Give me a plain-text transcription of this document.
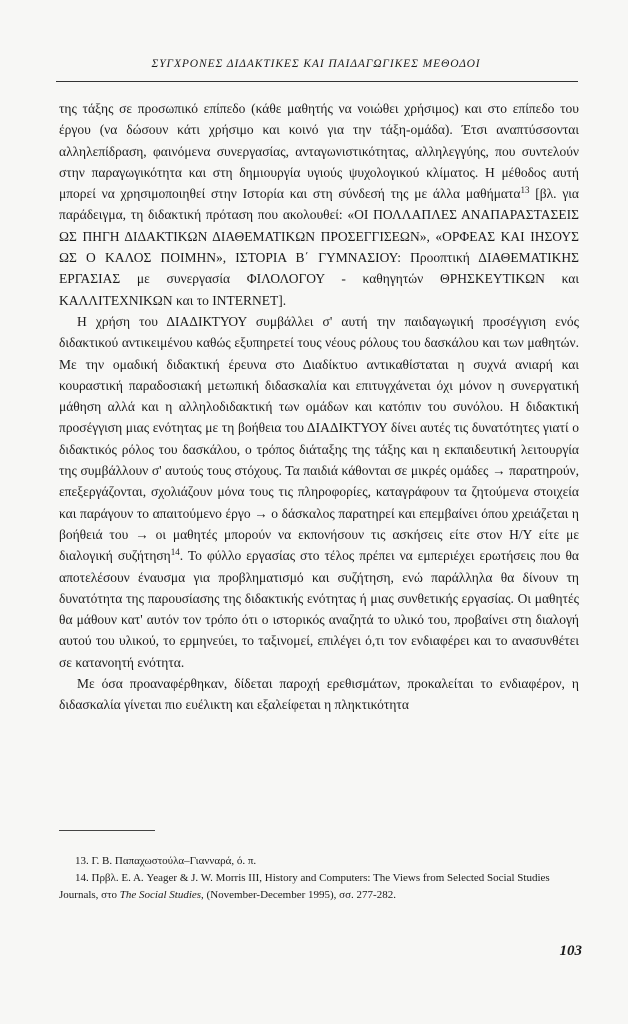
ΣΥΓΧΡΟΝΕΣ ΔΙΔΑΚΤΙΚΕΣ ΚΑΙ ΠΑΙΔΑΓΩΓΙΚΕΣ ΜΕΘΟΔΟΙ

της τάξης σε προσωπικό επίπεδο (κάθε μαθητής να νοιώθει χρήσιμος) και στο επίπεδο του έργου (να δώσουν κάτι χρήσιμο και κοινό για την τάξη-ομάδα). Έτσι αναπτύσσονται αλληλεπίδραση, φαινόμενα συνεργασίας, ανταγωνιστικότητας, αλληλεγγύης, που συντελούν στην παραγωγικότητα και στη δημιουργία υγιούς ψυχολογικού κλίματος. Η μέθοδος αυτή μπορεί να χρησιμοποιηθεί στην Ιστορία και στη σύνδεσή της με άλλα μαθήματα$^{13}$ [βλ. για παράδειγμα, τη διδακτική πρόταση που ακολουθεί: «ΟΙ ΠΟΛΛΑΠΛΕΣ ΑΝΑΠΑΡΑΣΤΑΣΕΙΣ ΩΣ ΠΗΓΗ ΔΙΔΑΚΤΙΚΩΝ ΔΙΑΘΕΜΑΤΙΚΩΝ ΠΡΟΣΕΓΓΙΣΕΩΝ», «ΟΡΦΕΑΣ ΚΑΙ ΙΗΣΟΥΣ ΩΣ Ο ΚΑΛΟΣ ΠΟΙΜΗΝ», ΙΣΤΟΡΙΑ Β΄ ΓΥΜΝΑΣΙΟΥ: Προοπτική ΔΙΑΘΕΜΑΤΙΚΗΣ ΕΡΓΑΣΙΑΣ με συνεργασία ΦΙΛΟΛΟΓΟΥ - καθηγητών ΘΡΗΣΚΕΥΤΙΚΩΝ και ΚΑΛΛΙΤΕΧΝΙΚΩΝ και το INTERNET].

Η χρήση του ΔΙΑΔΙΚΤΥΟΥ συμβάλλει σ' αυτή την παιδαγωγική προσέγγιση ενός διδακτικού αντικειμένου καθώς εξυπηρετεί τους νέους ρόλους του δασκάλου και των μαθητών. Με την ομαδική διδακτική έρευνα στο Διαδίκτυο αντικαθίσταται η συχνά ανιαρή και κουραστική παραδοσιακή μετωπική διδασκαλία και επιτυγχάνεται όχι μόνον η συνεργατική μάθηση αλλά και η αλληλοδιδακτική των ομάδων και κατόπιν του συνόλου. Η διδακτική προσέγγιση μιας ενότητας με τη βοήθεια του ΔΙΑΔΙΚΤΥΟΥ δίνει αυτές τις δυνατότητες γιατί ο διδακτικός ρόλος του δασκάλου, ο τρόπος διάταξης της τάξης και η εκπαιδευτική λειτουργία της συμβάλλουν σ' αυτούς τους στόχους. Τα παιδιά κάθονται σε μικρές ομάδες → παρατηρούν, επεξεργάζονται, σχολιάζουν μόνα τους τις πληροφορίες, καταγράφουν τα ζητούμενα στοιχεία και παράγουν το απαιτούμενο έργο → ο δάσκαλος παρατηρεί και επεμβαίνει όπου χρειάζεται η βοήθειά του → οι μαθητές μπορούν να εκπονήσουν τις ασκήσεις είτε στον Η/Υ είτε με διαλογική συζήτηση$^{14}$. Το φύλλο εργασίας στο τέλος πρέπει να εμπεριέχει ερωτήσεις που θα αποτελέσουν έναυσμα για προβληματισμό και συζήτηση, ενώ παράλληλα θα δίνουν τη δυνατότητα της παρουσίασης της διδακτικής ενότητας ή μιας συνθετικής εργασίας. Οι μαθητές θα μάθουν κατ' αυτόν τον τρόπο ότι ο ιστορικός αναζητά το υλικό του, προβαίνει στη διαλογή αυτού του υλικού, το ερμηνεύει, το ταξινομεί, επιλέγει ό,τι τον ενδιαφέρει και το ανασυνθέτει σε κατανοητή ενότητα.

Με όσα προαναφέρθηκαν, δίδεται παροχή ερεθισμάτων, προκαλείται το ενδιαφέρον, η διδασκαλία γίνεται πιο ευέλικτη και εξαλείφεται η πληκτικότητα

13. Γ. Β. Παπαχωστούλα–Γιανναρά, ό. π.

14. Πρβλ. Ε. Α. Yeager & J. W. Morris III, History and Computers: The Views from Selected Social Studies Journals, στο The Social Studies, (November-December 1995), σσ. 277-282.

103
